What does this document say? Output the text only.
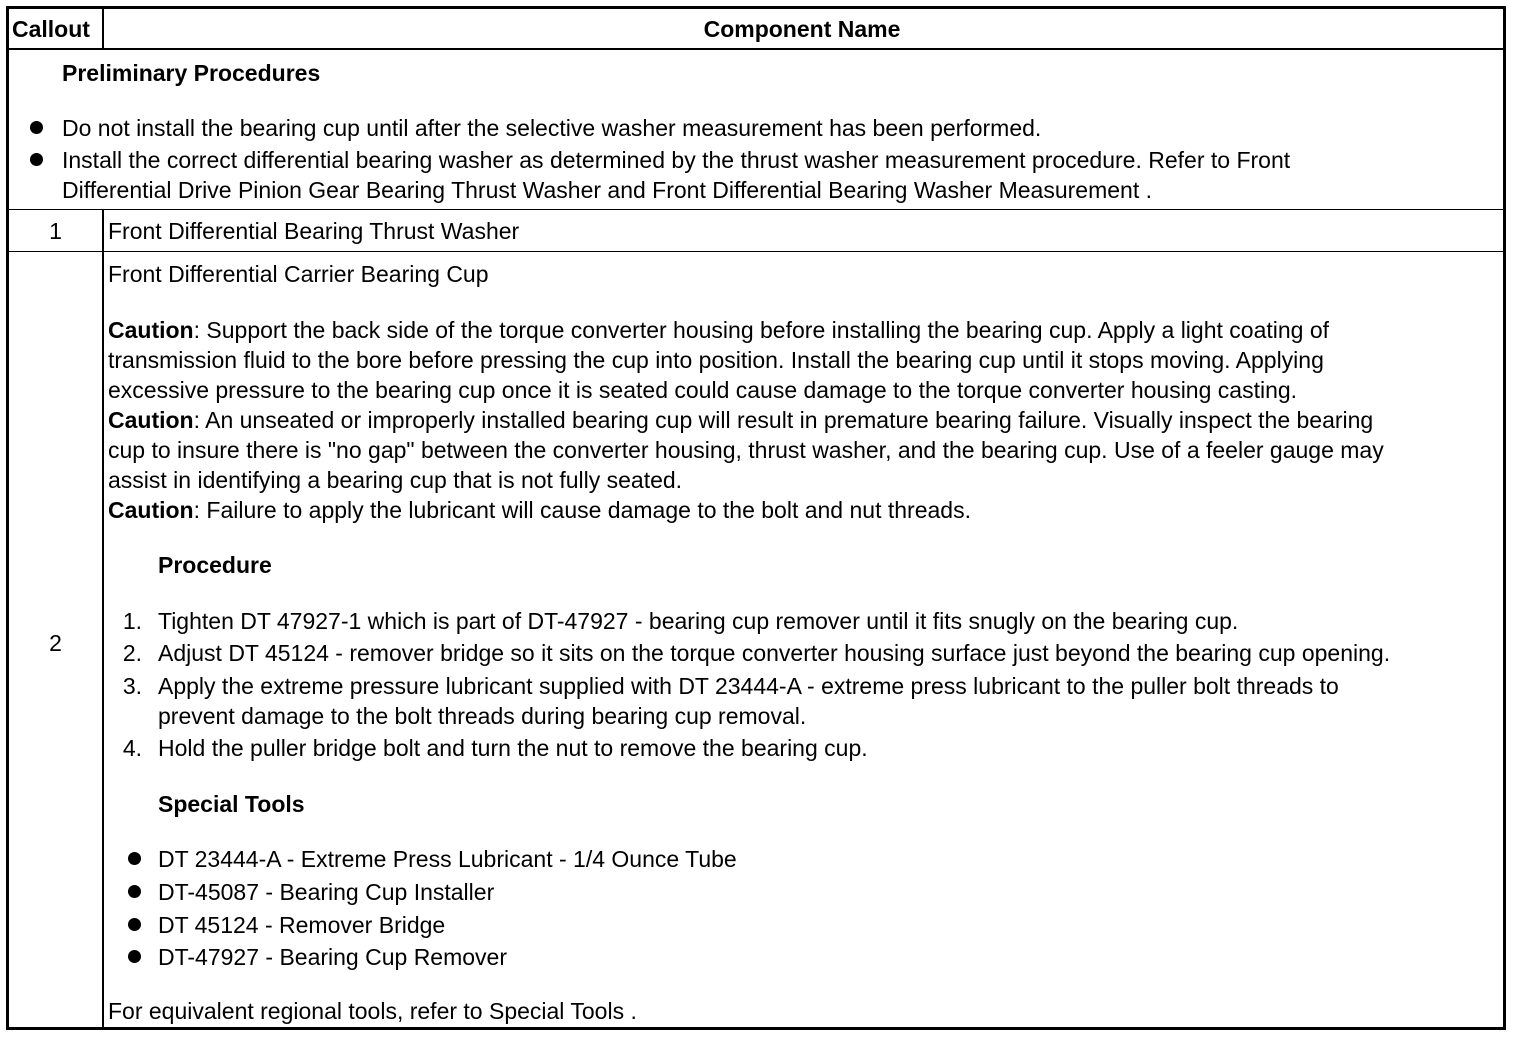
Callout	Component Name
Preliminary Procedures
Do not install the bearing cup until after the selective washer measurement has been performed.
Install the correct differential bearing washer as determined by the thrust washer measurement procedure. Refer to Front
Differential Drive Pinion Gear Bearing Thrust Washer and Front Differential Bearing Washer Measurement .
1	Front Differential Bearing Thrust Washer
2
Front Differential Carrier Bearing Cup
Caution: Support the back side of the torque converter housing before installing the bearing cup. Apply a light coating of
transmission fluid to the bore before pressing the cup into position. Install the bearing cup until it stops moving. Applying
excessive pressure to the bearing cup once it is seated could cause damage to the torque converter housing casting.
Caution: An unseated or improperly installed bearing cup will result in premature bearing failure. Visually inspect the bearing
cup to insure there is "no gap" between the converter housing, thrust washer, and the bearing cup. Use of a feeler gauge may
assist in identifying a bearing cup that is not fully seated.
Caution: Failure to apply the lubricant will cause damage to the bolt and nut threads.
Procedure
1. Tighten DT 47927-1 which is part of DT-47927 - bearing cup remover until it fits snugly on the bearing cup.
2. Adjust DT 45124 - remover bridge so it sits on the torque converter housing surface just beyond the bearing cup opening.
3. Apply the extreme pressure lubricant supplied with DT 23444-A - extreme press lubricant to the puller bolt threads to
prevent damage to the bolt threads during bearing cup removal.
4. Hold the puller bridge bolt and turn the nut to remove the bearing cup.
Special Tools
DT 23444-A - Extreme Press Lubricant - 1/4 Ounce Tube
DT-45087 - Bearing Cup Installer
DT 45124 - Remover Bridge
DT-47927 - Bearing Cup Remover
For equivalent regional tools, refer to Special Tools .
